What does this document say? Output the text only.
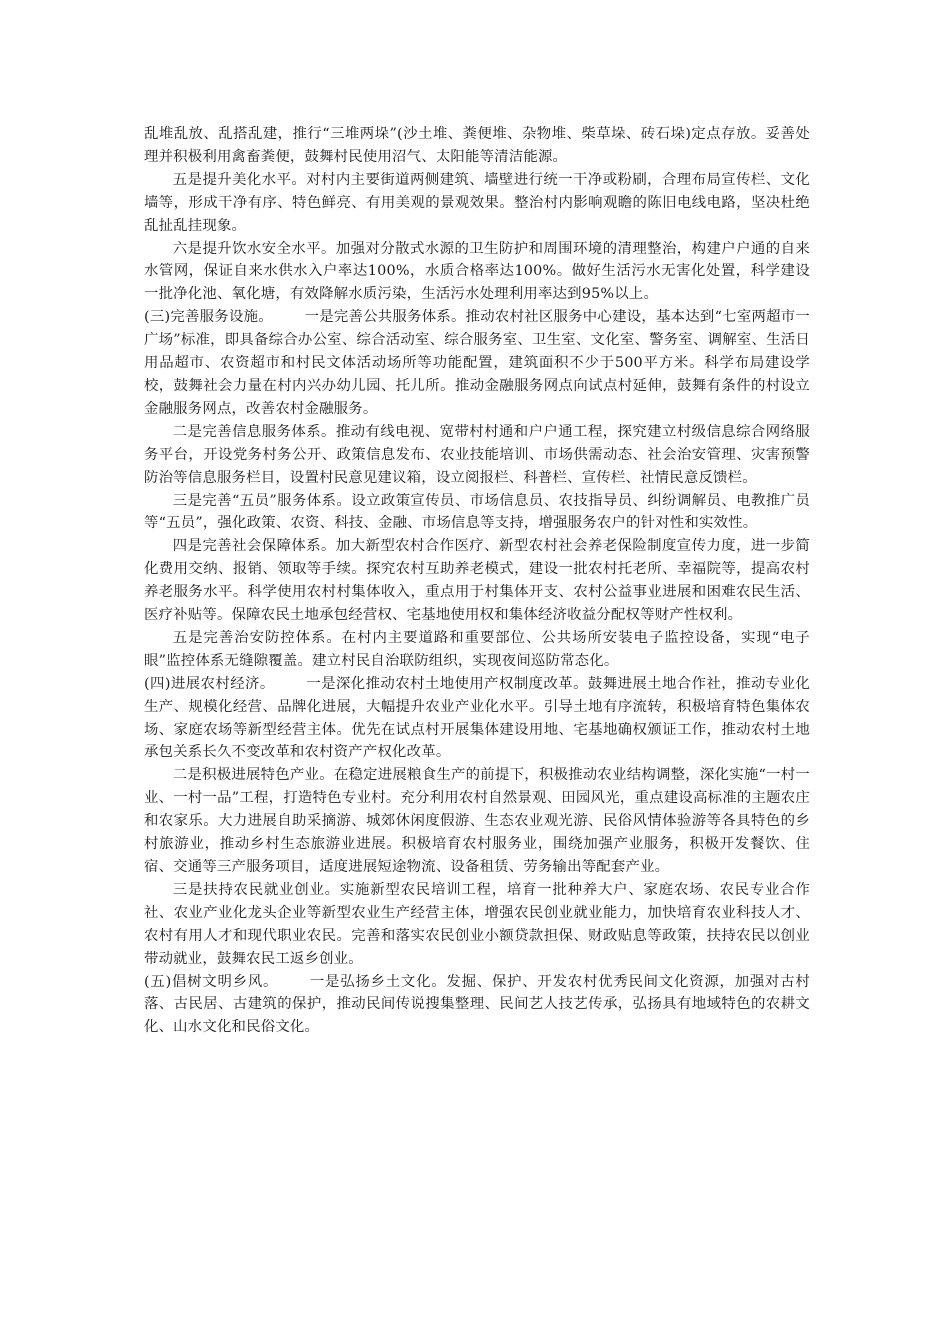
乱堆乱放、乱搭乱建，推行“三堆两垛”(沙土堆、粪便堆、杂物堆、柴草垛、砖石垛)定点存放。妥善处理并积极利用禽畜粪便，鼓舞村民使用沼气、太阳能等清洁能源。

五是提升美化水平。对村内主要街道两侧建筑、墙壁进行统一干净或粉刷，合理布局宣传栏、文化墙等，形成干净有序、特色鲜亮、有用美观的景观效果。整治村内影响观瞻的陈旧电线电路，坚决杜绝乱扯乱挂现象。

六是提升饮水安全水平。加强对分散式水源的卫生防护和周围环境的清理整治，构建户户通的自来水管网，保证自来水供水入户率达100%，水质合格率达100%。做好生活污水无害化处置，科学建设一批净化池、氧化塘，有效降解水质污染，生活污水处理利用率达到95%以上。

(三)完善服务设施。 一是完善公共服务体系。推动农村社区服务中心建设，基本达到“七室两超市一广场”标准，即具备综合办公室、综合活动室、综合服务室、卫生室、文化室、警务室、调解室、生活日用品超市、农资超市和村民文体活动场所等功能配置，建筑面积不少于500平方米。科学布局建设学校，鼓舞社会力量在村内兴办幼儿园、托儿所。推动金融服务网点向试点村延伸，鼓舞有条件的村设立金融服务网点，改善农村金融服务。

二是完善信息服务体系。推动有线电视、宽带村村通和户户通工程，探究建立村级信息综合网络服务平台，开设党务村务公开、政策信息发布、农业技能培训、市场供需动态、社会治安管理、灾害预警防治等信息服务栏目，设置村民意见建议箱，设立阅报栏、科普栏、宣传栏、社情民意反馈栏。

三是完善“五员”服务体系。设立政策宣传员、市场信息员、农技指导员、纠纷调解员、电教推广员等“五员”，强化政策、农资、科技、金融、市场信息等支持，增强服务农户的针对性和实效性。

四是完善社会保障体系。加大新型农村合作医疗、新型农村社会养老保险制度宣传力度，进一步简化费用交纳、报销、领取等手续。探究农村互助养老模式，建设一批农村托老所、幸福院等，提高农村养老服务水平。科学使用农村村集体收入，重点用于村集体开支、农村公益事业进展和困难农民生活、医疗补贴等。保障农民土地承包经营权、宅基地使用权和集体经济收益分配权等财产性权利。

五是完善治安防控体系。在村内主要道路和重要部位、公共场所安装电子监控设备，实现“电子眼”监控体系无缝隙覆盖。建立村民自治联防组织，实现夜间巡防常态化。

(四)进展农村经济。 一是深化推动农村土地使用产权制度改革。鼓舞进展土地合作社，推动专业化生产、规模化经营、品牌化进展，大幅提升农业产业化水平。引导土地有序流转，积极培育特色集体农场、家庭农场等新型经营主体。优先在试点村开展集体建设用地、宅基地确权颁证工作，推动农村土地承包关系长久不变改革和农村资产产权化改革。

二是积极进展特色产业。在稳定进展粮食生产的前提下，积极推动农业结构调整，深化实施“一村一业、一村一品”工程，打造特色专业村。充分利用农村自然景观、田园风光，重点建设高标准的主题农庄和农家乐。大力进展自助采摘游、城郊休闲度假游、生态农业观光游、民俗风情体验游等各具特色的乡村旅游业，推动乡村生态旅游业进展。积极培育农村服务业，围绕加强产业服务，积极开发餐饮、住宿、交通等三产服务项目，适度进展短途物流、设备租赁、劳务输出等配套产业。

三是扶持农民就业创业。实施新型农民培训工程，培育一批种养大户、家庭农场、农民专业合作社、农业产业化龙头企业等新型农业生产经营主体，增强农民创业就业能力，加快培育农业科技人才、农村有用人才和现代职业农民。完善和落实农民创业小额贷款担保、财政贴息等政策，扶持农民以创业带动就业，鼓舞农民工返乡创业。

(五)倡树文明乡风。 一是弘扬乡土文化。发掘、保护、开发农村优秀民间文化资源，加强对古村落、古民居、古建筑的保护，推动民间传说搜集整理、民间艺人技艺传承，弘扬具有地域特色的农耕文化、山水文化和民俗文化。
